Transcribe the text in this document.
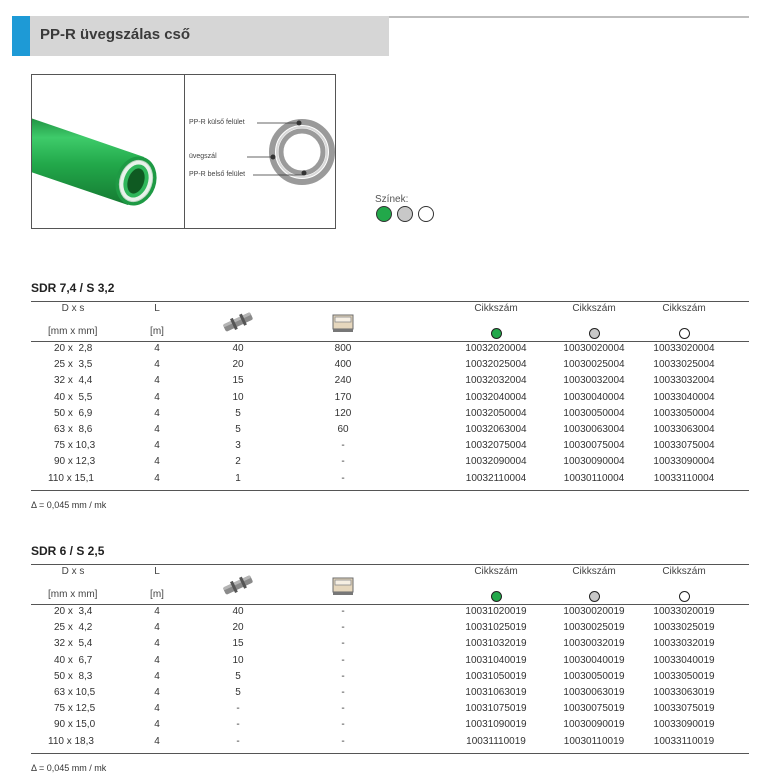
PP-R üvegszálas cső
PP-R külső felület
üvegszál
PP-R belső felület
Színek:
SDR 7,4 / S 3,2
D x s	L	Cikkszám	Cikkszám	Cikkszám
[mm x mm]	[m]
20 x  2,8	4	40	800	10032020004	10030020004	10033020004
25 x  3,5	4	20	400	10032025004	10030025004	10033025004
32 x  4,4	4	15	240	10032032004	10030032004	10033032004
40 x  5,5	4	10	170	10032040004	10030040004	10033040004
50 x  6,9	4	5	120	10032050004	10030050004	10033050004
63 x  8,6	4	5	60	10032063004	10030063004	10033063004
75 x 10,3	4	3	-	10032075004	10030075004	10033075004
90 x 12,3	4	2	-	10032090004	10030090004	10033090004
110 x 15,1	4	1	-	10032110004	10030110004	10033110004
Δ = 0,045 mm / mk
SDR 6 / S 2,5
D x s	L	Cikkszám	Cikkszám	Cikkszám
[mm x mm]	[m]
20 x  3,4	4	40	-	10031020019	10030020019	10033020019
25 x  4,2	4	20	-	10031025019	10030025019	10033025019
32 x  5,4	4	15	-	10031032019	10030032019	10033032019
40 x  6,7	4	10	-	10031040019	10030040019	10033040019
50 x  8,3	4	5	-	10031050019	10030050019	10033050019
63 x 10,5	4	5	-	10031063019	10030063019	10033063019
75 x 12,5	4	-	-	10031075019	10030075019	10033075019
90 x 15,0	4	-	-	10031090019	10030090019	10033090019
110 x 18,3	4	-	-	10031110019	10030110019	10033110019
Δ = 0,045 mm / mk
